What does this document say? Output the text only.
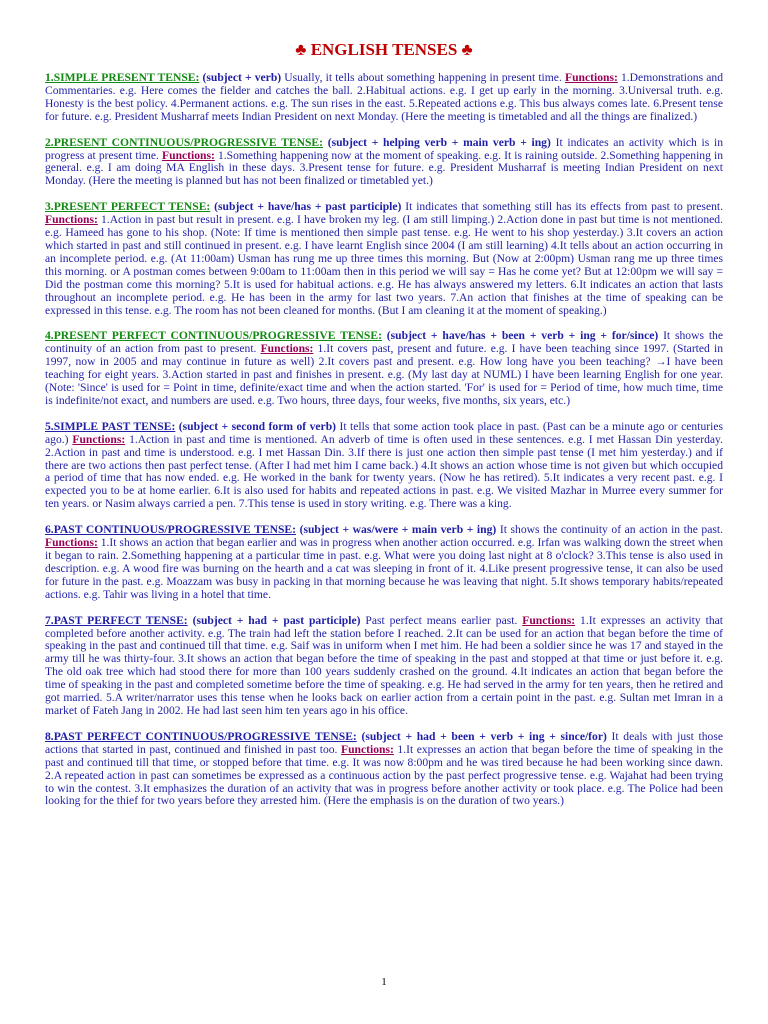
♣ ENGLISH TENSES ♣

1.SIMPLE PRESENT TENSE: (subject + verb) Usually, it tells about something happening in present time. Functions: 1.Demonstrations and Commentaries. e.g. Here comes the fielder and catches the ball. 2.Habitual actions. e.g. I get up early in the morning. 3.Universal truth. e.g. Honesty is the best policy. 4.Permanent actions. e.g. The sun rises in the east. 5.Repeated actions e.g. This bus always comes late. 6.Present tense for future. e.g. President Musharraf meets Indian President on next Monday. (Here the meeting is timetabled and all the things are finalized.)

2.PRESENT CONTINUOUS/PROGRESSIVE TENSE: (subject + helping verb + main verb + ing) It indicates an activity which is in progress at present time. Functions: 1.Something happening now at the moment of speaking. e.g. It is raining outside. 2.Something happening in general. e.g. I am doing MA English in these days. 3.Present tense for future. e.g. President Musharraf is meeting Indian President on next Monday. (Here the meeting is planned but has not been finalized or timetabled yet.)

3.PRESENT PERFECT TENSE: (subject + have/has + past participle) It indicates that something still has its effects from past to present. Functions: 1.Action in past but result in present. e.g. I have broken my leg. (I am still limping.) 2.Action done in past but time is not mentioned. e.g. Hameed has gone to his shop. (Note: If time is mentioned then simple past tense. e.g. He went to his shop yesterday.) 3.It covers an action which started in past and still continued in present. e.g. I have learnt English since 2004 (I am still learning) 4.It tells about an action occurring in an incomplete period. e.g. (At 11:00am) Usman has rung me up three times this morning. But (Now at 2:00pm) Usman rang me up three times this morning. or A postman comes between 9:00am to 11:00am then in this period we will say = Has he come yet? But at 12:00pm we will say = Did the postman come this morning? 5.It is used for habitual actions. e.g. He has always answered my letters. 6.It indicates an action that lasts throughout an incomplete period. e.g. He has been in the army for last two years. 7.An action that finishes at the time of speaking can be expressed in this tense. e.g. The room has not been cleaned for months. (But I am cleaning it at the moment of speaking.)

4.PRESENT PERFECT CONTINUOUS/PROGRESSIVE TENSE: (subject + have/has + been + verb + ing + for/since) It shows the continuity of an action from past to present. Functions: 1.It covers past, present and future. e.g. I have been teaching since 1997. (Started in 1997, now in 2005 and may continue in future as well) 2.It covers past and present. e.g. How long have you been teaching? →I have been teaching for eight years. 3.Action started in past and finishes in present. e.g. (My last day at NUML) I have been learning English for one year. (Note: 'Since' is used for = Point in time, definite/exact time and when the action started. 'For' is used for = Period of time, how much time, time is indefinite/not exact, and numbers are used. e.g. Two hours, three days, four weeks, five months, six years, etc.)

5.SIMPLE PAST TENSE: (subject + second form of verb) It tells that some action took place in past. (Past can be a minute ago or centuries ago.) Functions: 1.Action in past and time is mentioned. An adverb of time is often used in these sentences. e.g. I met Hassan Din yesterday. 2.Action in past and time is understood. e.g. I met Hassan Din. 3.If there is just one action then simple past tense (I met him yesterday.) and if there are two actions then past perfect tense. (After I had met him I came back.) 4.It shows an action whose time is not given but which occupied a period of time that has now ended. e.g. He worked in the bank for twenty years. (Now he has retired). 5.It indicates a very recent past. e.g. I expected you to be at home earlier. 6.It is also used for habits and repeated actions in past. e.g. We visited Mazhar in Murree every summer for ten years. or Nasim always carried a pen. 7.This tense is used in story writing. e.g. There was a king.

6.PAST CONTINUOUS/PROGRESSIVE TENSE: (subject + was/were + main verb + ing) It shows the continuity of an action in the past. Functions: 1.It shows an action that began earlier and was in progress when another action occurred. e.g. Irfan was walking down the street when it began to rain. 2.Something happening at a particular time in past. e.g. What were you doing last night at 8 o'clock? 3.This tense is also used in description. e.g. A wood fire was burning on the hearth and a cat was sleeping in front of it. 4.Like present progressive tense, it can also be used for future in the past. e.g. Moazzam was busy in packing in that morning because he was leaving that night. 5.It shows temporary habits/repeated actions. e.g. Tahir was living in a hotel that time.

7.PAST PERFECT TENSE: (subject + had + past participle) Past perfect means earlier past. Functions: 1.It expresses an activity that completed before another activity. e.g. The train had left the station before I reached. 2.It can be used for an action that began before the time of speaking in the past and continued till that time. e.g. Saif was in uniform when I met him. He had been a soldier since he was 17 and stayed in the army till he was thirty-four. 3.It shows an action that began before the time of speaking in the past and stopped at that time or just before it. e.g. The old oak tree which had stood there for more than 100 years suddenly crashed on the ground. 4.It indicates an action that began before the time of speaking in the past and completed sometime before the time of speaking. e.g. He had served in the army for ten years, then he retired and got married. 5.A writer/narrator uses this tense when he looks back on earlier action from a certain point in the past. e.g. Sultan met Imran in a market of Fateh Jang in 2002. He had last seen him ten years ago in his office.

8.PAST PERFECT CONTINUOUS/PROGRESSIVE TENSE: (subject + had + been + verb + ing + since/for) It deals with just those actions that started in past, continued and finished in past too. Functions: 1.It expresses an action that began before the time of speaking in the past and continued till that time, or stopped before that time. e.g. It was now 8:00pm and he was tired because he had been working since dawn. 2.A repeated action in past can sometimes be expressed as a continuous action by the past perfect progressive tense. e.g. Wajahat had been trying to win the contest. 3.It emphasizes the duration of an activity that was in progress before another activity or took place. e.g. The Police had been looking for the thief for two years before they arrested him. (Here the emphasis is on the duration of two years.)

1
